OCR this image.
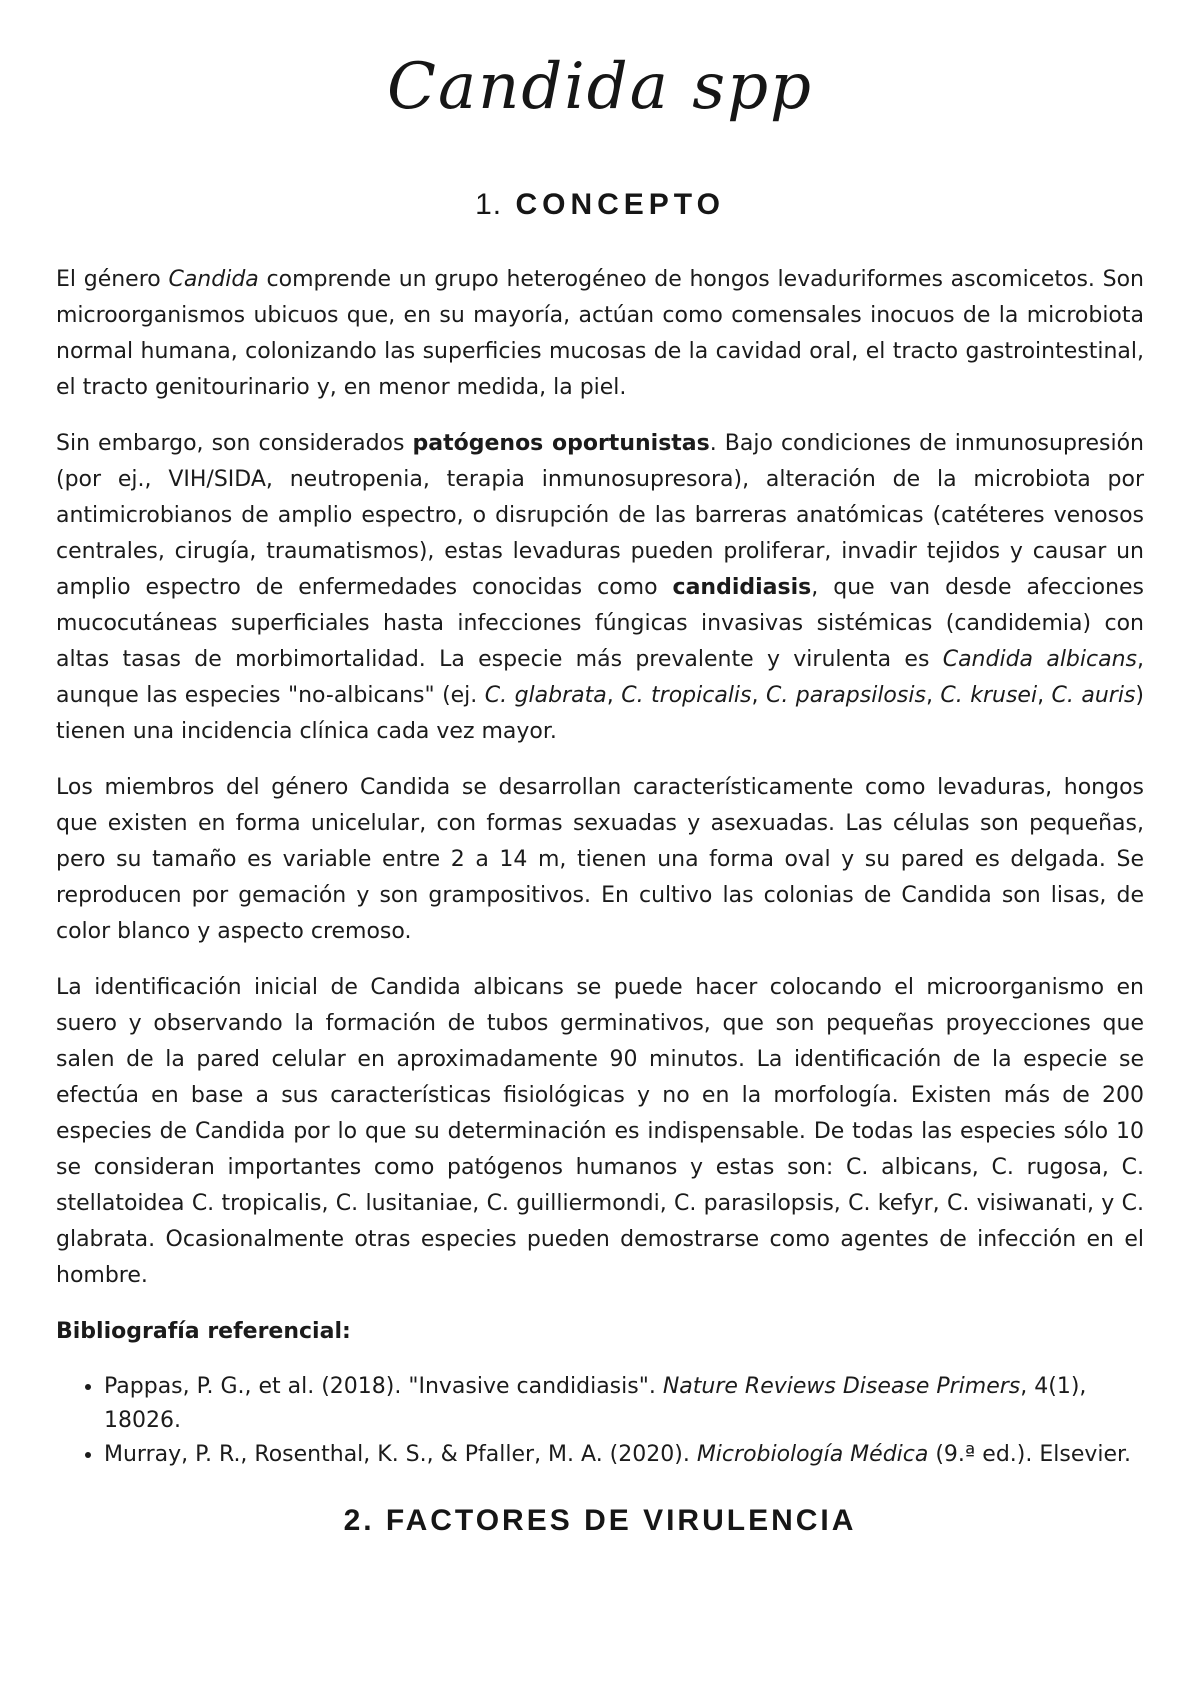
Candida spp
1. CONCEPTO

El género Candida comprende un grupo heterogéneo de hongos levaduriformes ascomicetos. Son microorganismos ubicuos que, en su mayoría, actúan como comensales inocuos de la microbiota normal humana, colonizando las superficies mucosas de la cavidad oral, el tracto gastrointestinal, el tracto genitourinario y, en menor medida, la piel.

Sin embargo, son considerados patógenos oportunistas. Bajo condiciones de inmunosupresión (por ej., VIH/SIDA, neutropenia, terapia inmunosupresora), alteración de la microbiota por antimicrobianos de amplio espectro, o disrupción de las barreras anatómicas (catéteres venosos centrales, cirugía, traumatismos), estas levaduras pueden proliferar, invadir tejidos y causar un amplio espectro de enfermedades conocidas como candidiasis, que van desde afecciones mucocutáneas superficiales hasta infecciones fúngicas invasivas sistémicas (candidemia) con altas tasas de morbimortalidad. La especie más prevalente y virulenta es Candida albicans, aunque las especies "no-albicans" (ej. C. glabrata, C. tropicalis, C. parapsilosis, C. krusei, C. auris) tienen una incidencia clínica cada vez mayor.

Los miembros del género Candida se desarrollan característicamente como levaduras, hongos que existen en forma unicelular, con formas sexuadas y asexuadas. Las células son pequeñas, pero su tamaño es variable entre 2 a 14 m, tienen una forma oval y su pared es delgada. Se reproducen por gemación y son grampositivos. En cultivo las colonias de Candida son lisas, de color blanco y aspecto cremoso.

La identificación inicial de Candida albicans se puede hacer colocando el microorganismo en suero y observando la formación de tubos germinativos, que son pequeñas proyecciones que salen de la pared celular en aproximadamente 90 minutos. La identificación de la especie se efectúa en base a sus características fisiológicas y no en la morfología. Existen más de 200 especies de Candida por lo que su determinación es indispensable. De todas las especies sólo 10 se consideran importantes como patógenos humanos y estas son: C. albicans, C. rugosa, C. stellatoidea C. tropicalis, C. lusitaniae, C. guilliermondi, C. parasilopsis, C. kefyr, C. visiwanati, y C. glabrata. Ocasionalmente otras especies pueden demostrarse como agentes de infección en el hombre.

Bibliografía referencial:

• Pappas, P. G., et al. (2018). "Invasive candidiasis". Nature Reviews Disease Primers, 4(1), 18026.
• Murray, P. R., Rosenthal, K. S., & Pfaller, M. A. (2020). Microbiología Médica (9.ª ed.). Elsevier.
2. FACTORES DE VIRULENCIA
